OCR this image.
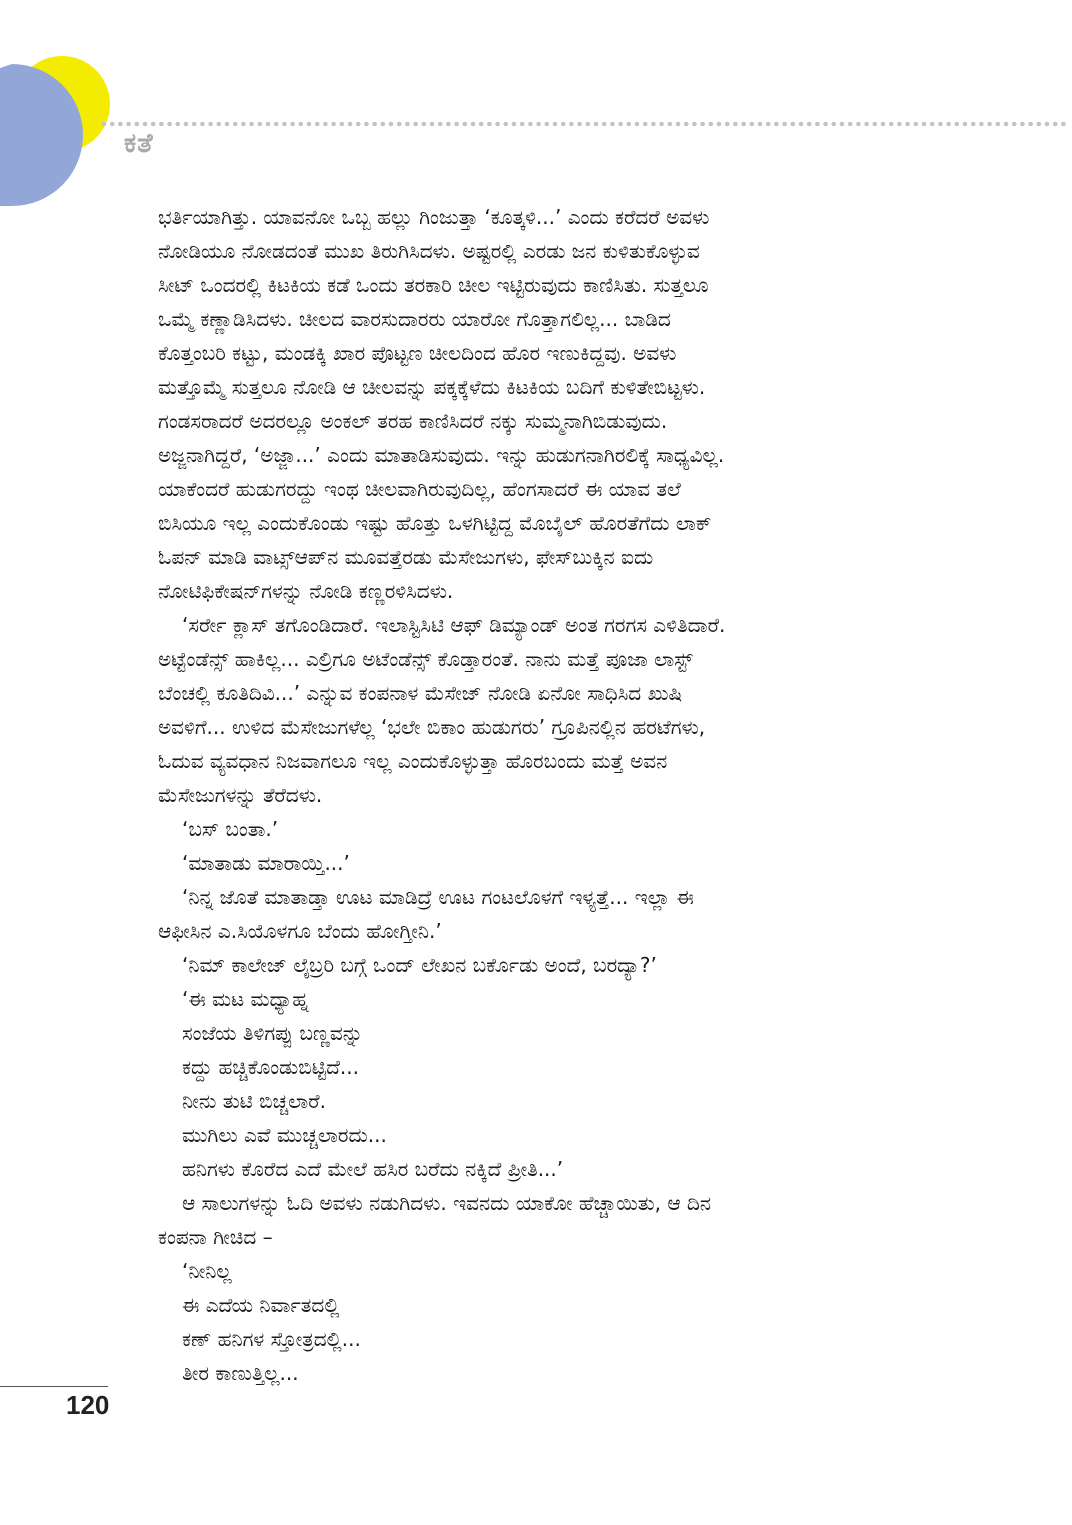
ಕತೆ
ಭರ್ತಿಯಾಗಿತ್ತು. ಯಾವನೋ ಒಬ್ಬ ಹಲ್ಲು ಗಿಂಜುತ್ತಾ ‘ಕೂತ್ಕಳಿ...’ ಎಂದು ಕರೆದರೆ ಅವಳು
ನೋಡಿಯೂ ನೋಡದಂತೆ ಮುಖ ತಿರುಗಿಸಿದಳು. ಅಷ್ಟರಲ್ಲಿ ಎರಡು ಜನ ಕುಳಿತುಕೊಳ್ಳುವ
ಸೀಟ್ ಒಂದರಲ್ಲಿ ಕಿಟಕಿಯ ಕಡೆ ಒಂದು ತರಕಾರಿ ಚೀಲ ಇಟ್ಟಿರುವುದು ಕಾಣಿಸಿತು. ಸುತ್ತಲೂ
ಒಮ್ಮೆ ಕಣ್ಣಾಡಿಸಿದಳು. ಚೀಲದ ವಾರಸುದಾರರು ಯಾರೋ ಗೊತ್ತಾಗಲಿಲ್ಲ... ಬಾಡಿದ
ಕೊತ್ತಂಬರಿ ಕಟ್ಟು, ಮಂಡಕ್ಕಿ ಖಾರ ಪೊಟ್ಟಣ ಚೀಲದಿಂದ ಹೊರ ಇಣುಕಿದ್ದವು. ಅವಳು
ಮತ್ತೊಮ್ಮೆ ಸುತ್ತಲೂ ನೋಡಿ ಆ ಚೀಲವನ್ನು ಪಕ್ಕಕ್ಕೆಳೆದು ಕಿಟಕಿಯ ಬದಿಗೆ ಕುಳಿತೇಬಿಟ್ಟಳು.
ಗಂಡಸರಾದರೆ ಅದರಲ್ಲೂ ಅಂಕಲ್ ತರಹ ಕಾಣಿಸಿದರೆ ನಕ್ಕು ಸುಮ್ಮನಾಗಿಬಿಡುವುದು.
ಅಜ್ಜನಾಗಿದ್ದರೆ, ‘ಅಜ್ಜಾ...’ ಎಂದು ಮಾತಾಡಿಸುವುದು. ಇನ್ನು ಹುಡುಗನಾಗಿರಲಿಕ್ಕೆ ಸಾಧ್ಯವಿಲ್ಲ.
ಯಾಕೆಂದರೆ ಹುಡುಗರದ್ದು ಇಂಥ ಚೀಲವಾಗಿರುವುದಿಲ್ಲ, ಹೆಂಗಸಾದರೆ ಈ ಯಾವ ತಲೆ
ಬಿಸಿಯೂ ಇಲ್ಲ ಎಂದುಕೊಂಡು ಇಷ್ಟು ಹೊತ್ತು ಒಳಗಿಟ್ಟಿದ್ದ ಮೊಬೈಲ್ ಹೊರತೆಗೆದು ಲಾಕ್
ಓಪನ್ ಮಾಡಿ ವಾಟ್ಸ್‌ಆಪ್‌ನ ಮೂವತ್ತೆರಡು ಮೆಸೇಜುಗಳು, ಫೇಸ್‌ಬುಕ್ಕಿನ ಐದು
ನೋಟಿಫಿಕೇಷನ್‌ಗಳನ್ನು ನೋಡಿ ಕಣ್ಣರಳಿಸಿದಳು.
‘ಸರ್ರೇ ಕ್ಲಾಸ್ ತಗೊಂಡಿದಾರೆ. ಇಲಾಸ್ಟಿಸಿಟಿ ಆಫ್ ಡಿಮ್ಯಾಂಡ್ ಅಂತ ಗರಗಸ ಎಳಿತಿದಾರೆ.
ಅಟ್ಟೆಂಡೆನ್ಸ್ ಹಾಕಿಲ್ಲ... ಎಲ್ರಿಗೂ ಅಟೆಂಡೆನ್ಸ್ ಕೊಡ್ತಾರಂತೆ. ನಾನು ಮತ್ತೆ ಪೂಜಾ ಲಾಸ್ಟ್
ಬೆಂಚಲ್ಲಿ ಕೂತಿದಿವಿ...’ ಎನ್ನುವ ಕಂಪನಾಳ ಮೆಸೇಜ್ ನೋಡಿ ಏನೋ ಸಾಧಿಸಿದ ಖುಷಿ
ಅವಳಿಗೆ... ಉಳಿದ ಮೆಸೇಜುಗಳೆಲ್ಲ ‘ಭಲೇ ಬಿಕಾಂ ಹುಡುಗರು’ ಗ್ರೂಪಿನಲ್ಲಿನ ಹರಟೆಗಳು,
ಓದುವ ವ್ಯವಧಾನ ನಿಜವಾಗಲೂ ಇಲ್ಲ ಎಂದುಕೊಳ್ಳುತ್ತಾ ಹೊರಬಂದು ಮತ್ತೆ ಅವನ
ಮೆಸೇಜುಗಳನ್ನು ತೆರೆದಳು.
‘ಬಸ್ ಬಂತಾ.’
‘ಮಾತಾಡು ಮಾರಾಯ್ತಿ...’
‘ನಿನ್ನ ಜೊತೆ ಮಾತಾಡ್ತಾ ಊಟ ಮಾಡಿದ್ರೆ ಊಟ ಗಂಟಲೊಳಗೆ ಇಳ್ಯತ್ತೆ... ಇಲ್ಲಾ ಈ
ಆಫೀಸಿನ ಎ.ಸಿಯೊಳಗೂ ಬೆಂದು ಹೋಗ್ತೀನಿ.’
‘ನಿಮ್ ಕಾಲೇಜ್ ಲೈಬ್ರರಿ ಬಗ್ಗೆ ಒಂದ್ ಲೇಖನ ಬರ್ಕೊಡು ಅಂದೆ, ಬರದ್ಯಾ?’
‘ಈ ಮಟ ಮಧ್ಯಾಹ್ನ
ಸಂಜೆಯ ತಿಳಿಗಪ್ಪು ಬಣ್ಣವನ್ನು
ಕದ್ದು ಹಚ್ಚಿಕೊಂಡುಬಿಟ್ಟಿದೆ...
ನೀನು ತುಟಿ ಬಿಚ್ಚಲಾರೆ.
ಮುಗಿಲು ಎವೆ ಮುಚ್ಚಲಾರದು...
ಹನಿಗಳು ಕೊರೆದ ಎದೆ ಮೇಲೆ ಹಸಿರ ಬರೆದು ನಕ್ಕಿದೆ ಪ್ರೀತಿ...’
ಆ ಸಾಲುಗಳನ್ನು ಓದಿ ಅವಳು ನಡುಗಿದಳು. ಇವನದು ಯಾಕೋ ಹೆಚ್ಚಾಯಿತು, ಆ ದಿನ
ಕಂಪನಾ ಗೀಚಿದ –
‘ನೀನಿಲ್ಲ
ಈ ಎದೆಯ ನಿರ್ವಾತದಲ್ಲಿ
ಕಣ್ ಹನಿಗಳ ಸ್ತೋತ್ರದಲ್ಲಿ...
ತೀರ ಕಾಣುತ್ತಿಲ್ಲ...
120
